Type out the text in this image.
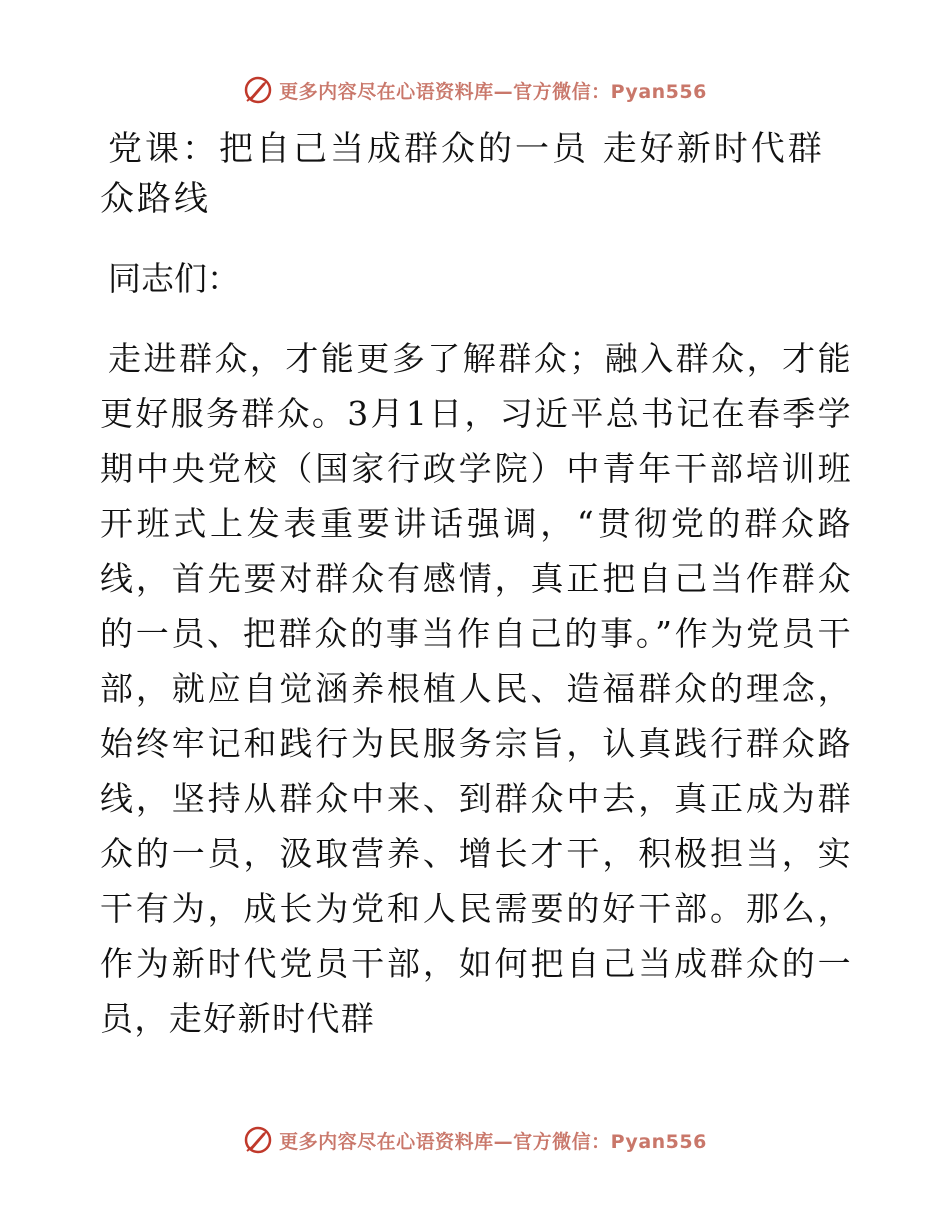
更多内容尽在心语资料库—官方微信：Pyan556
党课：把自己当成群众的一员 走好新时代群众路线

同志们：

走进群众，才能更多了解群众；融入群众，才能更好服务群众。3月1日，习近平总书记在春季学期中央党校（国家行政学院）中青年干部培训班开班式上发表重要讲话强调，“贯彻党的群众路线，首先要对群众有感情，真正把自己当作群众的一员、把群众的事当作自己的事。”作为党员干部，就应自觉涵养根植人民、造福群众的理念，始终牢记和践行为民服务宗旨，认真践行群众路线，坚持从群众中来、到群众中去，真正成为群众的一员，汲取营养、增长才干，积极担当，实干有为，成长为党和人民需要的好干部。那么，作为新时代党员干部，如何把自己当成群众的一员，走好新时代群

更多内容尽在心语资料库—官方微信：Pyan556
